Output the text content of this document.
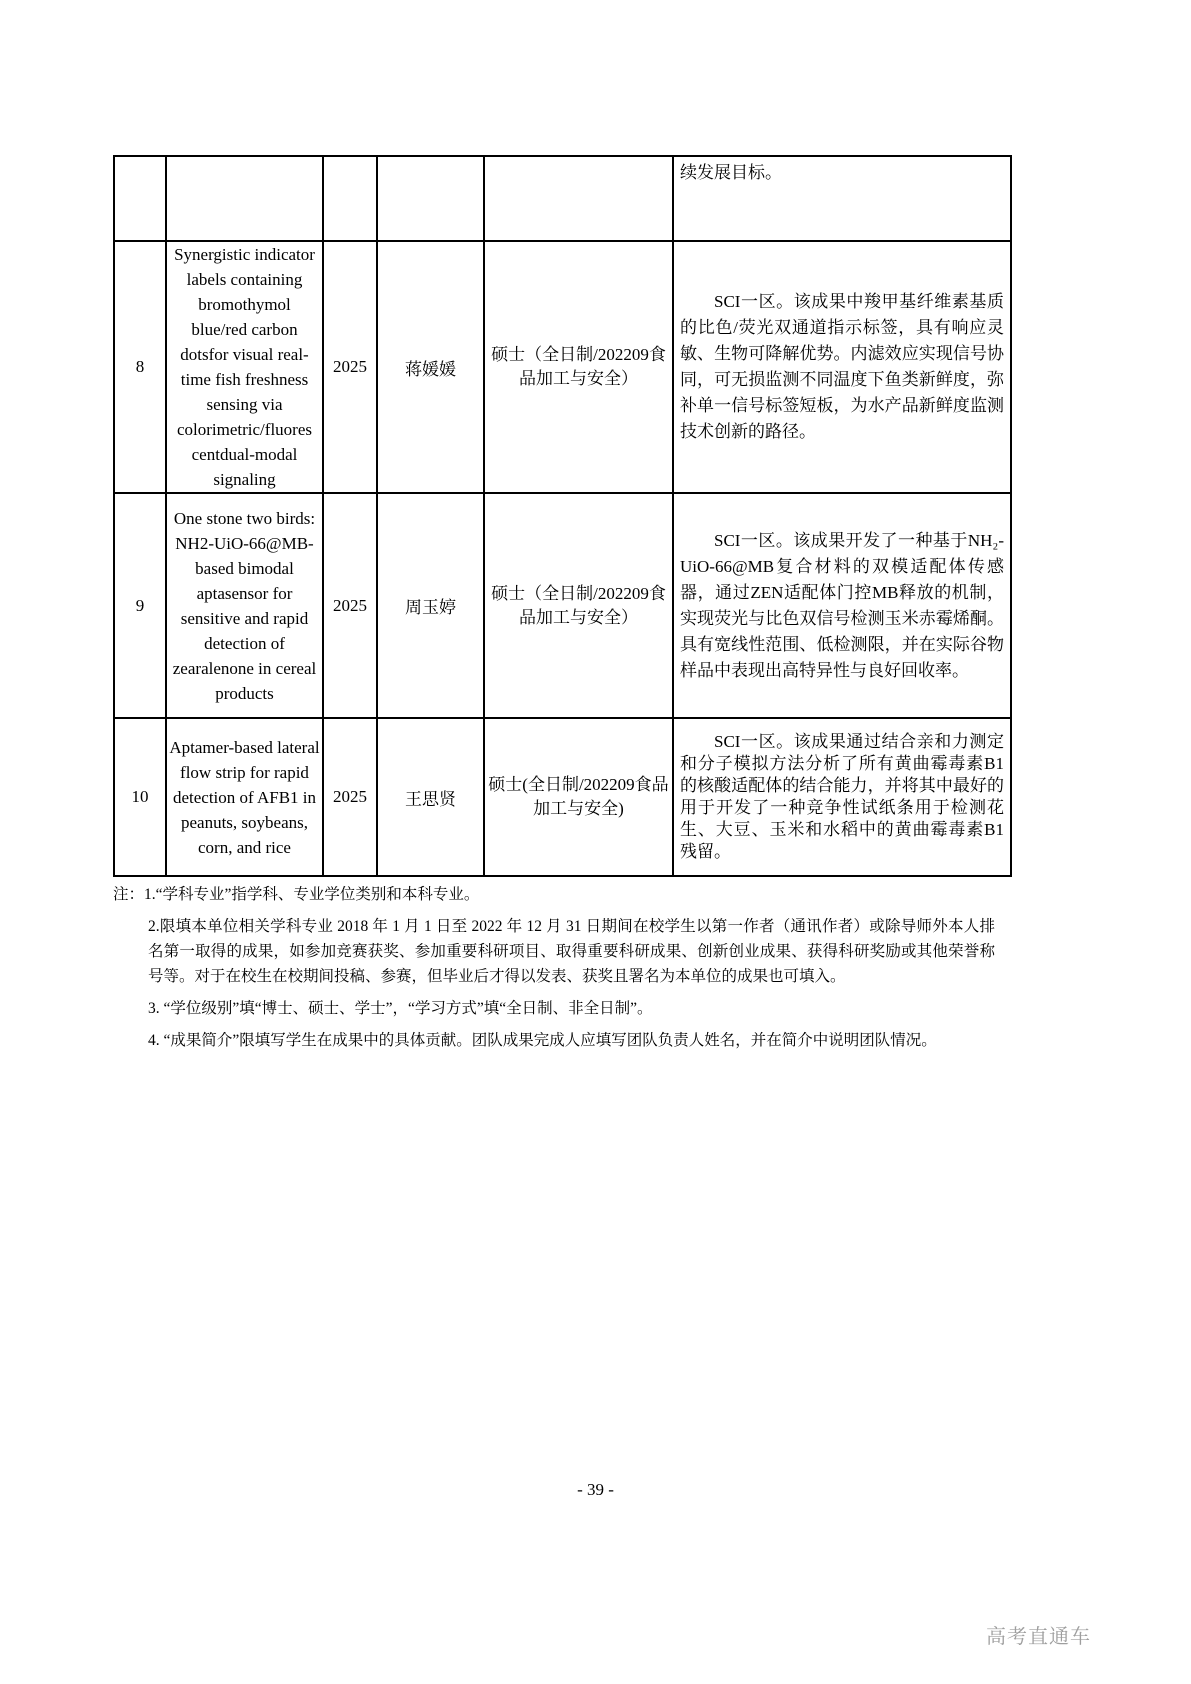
					续发展目标。

8	Synergistic indicator labels containing bromothymol blue/red carbon dotsfor visual real-time fish freshness sensing via colorimetric/fluores centdual-modal signaling	2025	蒋媛媛	硕士（全日制/202209食品加工与安全）	SCI一区。该成果中羧甲基纤维素基质的比色/荧光双通道指示标签，具有响应灵敏、生物可降解优势。内滤效应实现信号协同，可无损监测不同温度下鱼类新鲜度，弥补单一信号标签短板，为水产品新鲜度监测技术创新的路径。

9	One stone two birds: NH2-UiO-66@MB-based bimodal aptasensor for sensitive and rapid detection of zearalenone in cereal products	2025	周玉婷	硕士（全日制/202209食品加工与安全）	SCI一区。该成果开发了一种基于NH₂-UiO-66@MB复合材料的双模适配体传感器，通过ZEN适配体门控MB释放的机制，实现荧光与比色双信号检测玉米赤霉烯酮。具有宽线性范围、低检测限，并在实际谷物样品中表现出高特异性与良好回收率。

10	Aptamer-based lateral flow strip for rapid detection of AFB1 in peanuts, soybeans, corn, and rice	2025	王思贤	硕士(全日制/202209食品加工与安全)	SCI一区。该成果通过结合亲和力测定和分子模拟方法分析了所有黄曲霉毒素B1的核酸适配体的结合能力，并将其中最好的用于开发了一种竞争性试纸条用于检测花生、大豆、玉米和水稻中的黄曲霉毒素B1残留。

注：1.“学科专业”指学科、专业学位类别和本科专业。

2.限填本单位相关学科专业 2018 年 1 月 1 日至 2022 年 12 月 31 日期间在校学生以第一作者（通讯作者）或除导师外本人排名第一取得的成果，如参加竞赛获奖、参加重要科研项目、取得重要科研成果、创新创业成果、获得科研奖励或其他荣誉称号等。对于在校生在校期间投稿、参赛，但毕业后才得以发表、获奖且署名为本单位的成果也可填入。

3. “学位级别”填“博士、硕士、学士”，“学习方式”填“全日制、非全日制”。

4. “成果简介”限填写学生在成果中的具体贡献。团队成果完成人应填写团队负责人姓名，并在简介中说明团队情况。

- 39 -
高考直通车
